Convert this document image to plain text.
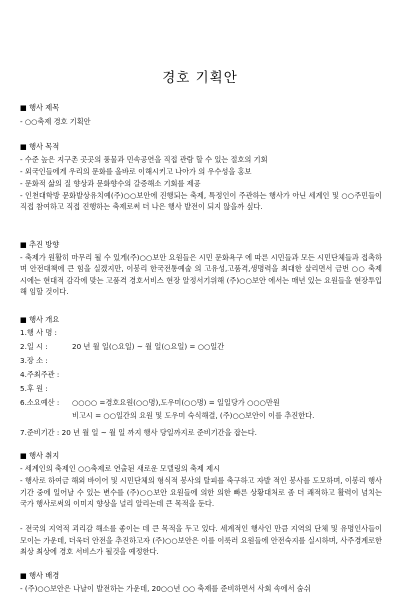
경호 기획안
■ 행사 제목
- ○○축제 경호 기획안
■ 행사 목적
- 수준 높은 지구촌 곳곳의 풍물과 민속공연을 직접 관람 할 수 있는 절호의 기회
- 외국인들에게 우리의 문화를 올바로 이해시키고 나아가 의 우수성을 홍보
- 문화적 삶의 질 향상과 문화향수의 갈증해소 기회를 제공
- 인천대학방 문화발상유치예(주)○○보안에 진행되는 축제, 특정인이 주관하는 행사가 아닌 세계인 및 ○○주민들이 직접 참여하고 직접 진행하는 축제로써 더 나은 행사 발전이 되지 않을까 싶다.
■ 추진 방향
- 축제가 원활히 마무리 될 수 있게(주)○○보안 요원들은 시민 문화욕구 에 따른 시민들과 모든 시민단체들과 접촉하며 안전대책에 큰 힘을 실겠지만, 이봉리 한국전통예술 의 고유성,고품격,생명력을 최대한 살리면서 금번 ○○ 축제 시에는 현대적 감각에 맞는 고품격 경호서비스 현장 알정서기위해 (주)○○보안 에서는 매년 있는 요원들을 현장투입해 임할 것이다.
■ 행사 개요
1.행 사 명 :
2.일 시 :	20 년 월 일(○요일) ~ 월 일(○요일) = ○○일간
3.장 소 :
4.주최주관 :
5.후 원 :
6.소요예산 :	○○○○ =경호요원(○○명),도우미(○○명) = 일일당가 ○○○만원
비고시 = ○○일간의 요원 및 도우미 숙식해결, (주)○○보안이 이를 추진한다.
7.준비기간 : 20 년 월 일 ~ 월 일 까지 행사 당일까지로 준비기간을 잡는다.
■ 행사 취지
- 세계인의 축제인 ○○축제로 연출된 새로운 모델링의 축제 제시
- 행사로 하여금 해외 바이어 및 시민단체의 형식적 봉사의 탈피를 축구하고 자발 적인 봉사를 도모하며, 이봉리 행사 기간 중에 일어날 수 있는 변수를 (주)○○보안 요원들에 의한 의한 빠른 상황대처로 좀 더 쾌적하고 활력이 넘치는 국가 행사로써의 이미지 향상을 널리 알리는데 큰 목적을 둔다.
- 전국의 지역적 괴리감 해소를 좋이는 데 큰 목적을 두고 있다. 세계적인 행사인 만큼 지역의 단체 및 유명인사들이 모이는 가운데, 더욱더 안전을 추진하고자 (주)○○보안은 이를 이룩러 요원들에 안전숙지를 실시하며, 사주경계로한 최상 최상에 경호 서비스가 될것을 예정한다.
■ 행사 배경
- (주)○○보안은 나날이 발전하는 가운데, 20○○년 ○○ 축제를 준비하면서 사회 속에서 숨쉬
